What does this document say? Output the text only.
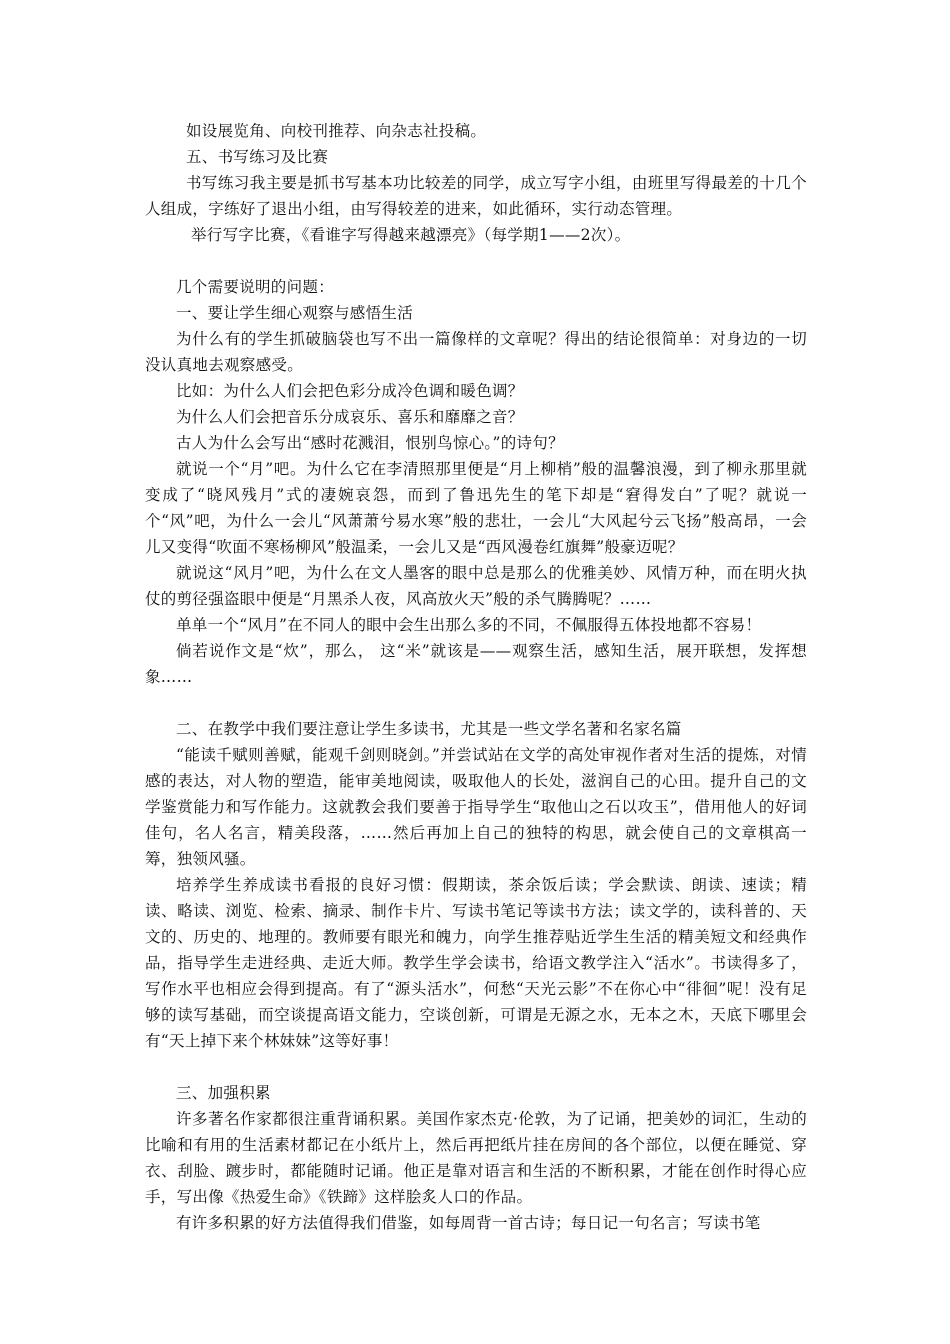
如设展览角、向校刊推荐、向杂志社投稿。

五、书写练习及比赛

书写练习我主要是抓书写基本功比较差的同学，成立写字小组，由班里写得最差的十几个人组成，字练好了退出小组，由写得较差的进来，如此循环，实行动态管理。

举行写字比赛，《看谁字写得越来越漂亮》（每学期1——2次）。

几个需要说明的问题：

一、要让学生细心观察与感悟生活

为什么有的学生抓破脑袋也写不出一篇像样的文章呢？得出的结论很简单：对身边的一切没认真地去观察感受。

比如：为什么人们会把色彩分成冷色调和暖色调？

为什么人们会把音乐分成哀乐、喜乐和靡靡之音？

古人为什么会写出“感时花溅泪，恨别鸟惊心。”的诗句？

就说一个“月”吧。为什么它在李清照那里便是“月上柳梢”般的温馨浪漫，到了柳永那里就变成了“晓风残月”式的凄婉哀怨，而到了鲁迅先生的笔下却是“窘得发白”了呢？就说一个“风”吧，为什么一会儿“风萧萧兮易水寒”般的悲壮，一会儿“大风起兮云飞扬”般高昂，一会儿又变得“吹面不寒杨柳风”般温柔，一会儿又是“西风漫卷红旗舞”般豪迈呢？

就说这“风月”吧，为什么在文人墨客的眼中总是那么的优雅美妙、风情万种，而在明火执仗的剪径强盗眼中便是“月黑杀人夜，风高放火天”般的杀气腾腾呢？……

单单一个“风月”在不同人的眼中会生出那么多的不同，不佩服得五体投地都不容易！

倘若说作文是“炊”，那么， 这“米”就该是——观察生活，感知生活，展开联想，发挥想象……

二、在教学中我们要注意让学生多读书，尤其是一些文学名著和名家名篇

“能读千赋则善赋，能观千剑则晓剑。”并尝试站在文学的高处审视作者对生活的提炼，对情感的表达，对人物的塑造，能审美地阅读，吸取他人的长处，滋润自己的心田。提升自己的文学鉴赏能力和写作能力。这就教会我们要善于指导学生“取他山之石以攻玉”，借用他人的好词佳句，名人名言，精美段落，……然后再加上自己的独特的构思，就会使自己的文章棋高一筹，独领风骚。

培养学生养成读书看报的良好习惯：假期读，茶余饭后读；学会默读、朗读、速读；精读、略读、浏览、检索、摘录、制作卡片、写读书笔记等读书方法；读文学的，读科普的、天文的、历史的、地理的。教师要有眼光和魄力，向学生推荐贴近学生生活的精美短文和经典作品，指导学生走进经典、走近大师。教学生学会读书，给语文教学注入“活水”。书读得多了，写作水平也相应会得到提高。有了“源头活水”，何愁“天光云影”不在你心中“徘徊”呢！没有足够的读写基础，而空谈提高语文能力，空谈创新，可谓是无源之水，无本之木，天底下哪里会有“天上掉下来个林妹妹”这等好事！

三、加强积累

许多著名作家都很注重背诵积累。美国作家杰克·伦敦，为了记诵，把美妙的词汇，生动的比喻和有用的生活素材都记在小纸片上，然后再把纸片挂在房间的各个部位，以便在睡觉、穿衣、刮脸、踱步时，都能随时记诵。他正是靠对语言和生活的不断积累，才能在创作时得心应手，写出像《热爱生命》《铁蹄》这样脍炙人口的作品。

有许多积累的好方法值得我们借鉴，如每周背一首古诗；每日记一句名言；写读书笔
